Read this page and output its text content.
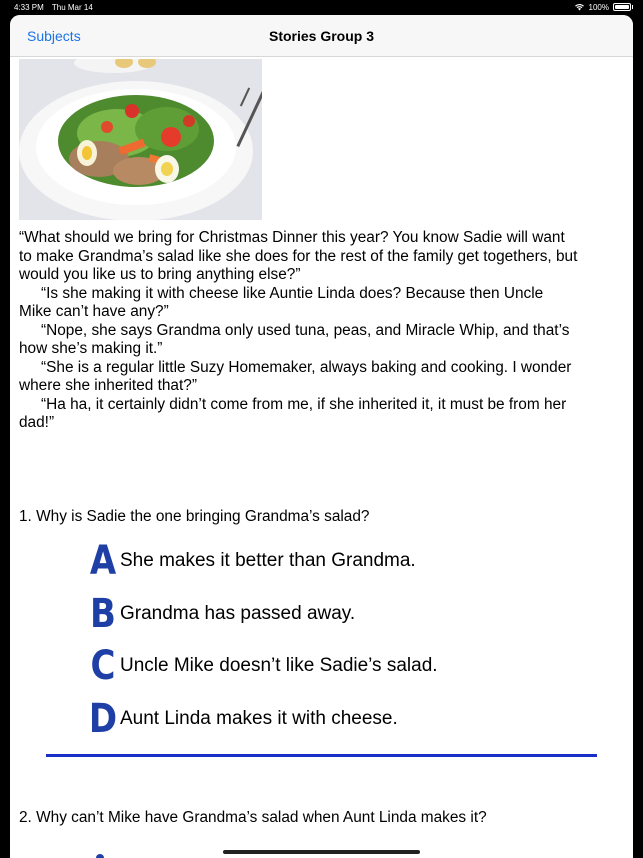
4:33 PM Thu Mar 14	100%
Subjects	Stories Group 3

“What should we bring for Christmas Dinner this year? You know Sadie will want to make Grandma’s salad like she does for the rest of the family get togethers, but would you like us to bring anything else?”

“Is she making it with cheese like Auntie Linda does? Because then Uncle Mike can’t have any?”

“Nope, she says Grandma only used tuna, peas, and Miracle Whip, and that’s how she’s making it.”

“She is a regular little Suzy Homemaker, always baking and cooking. I wonder where she inherited that?”

“Ha ha, it certainly didn’t come from me, if she inherited it, it must be from her dad!”

1. Why is Sadie the one bringing Grandma’s salad?
A She makes it better than Grandma.
B Grandma has passed away.
C Uncle Mike doesn’t like Sadie’s salad.
D Aunt Linda makes it with cheese.
2. Why can’t Mike have Grandma’s salad when Aunt Linda makes it?
